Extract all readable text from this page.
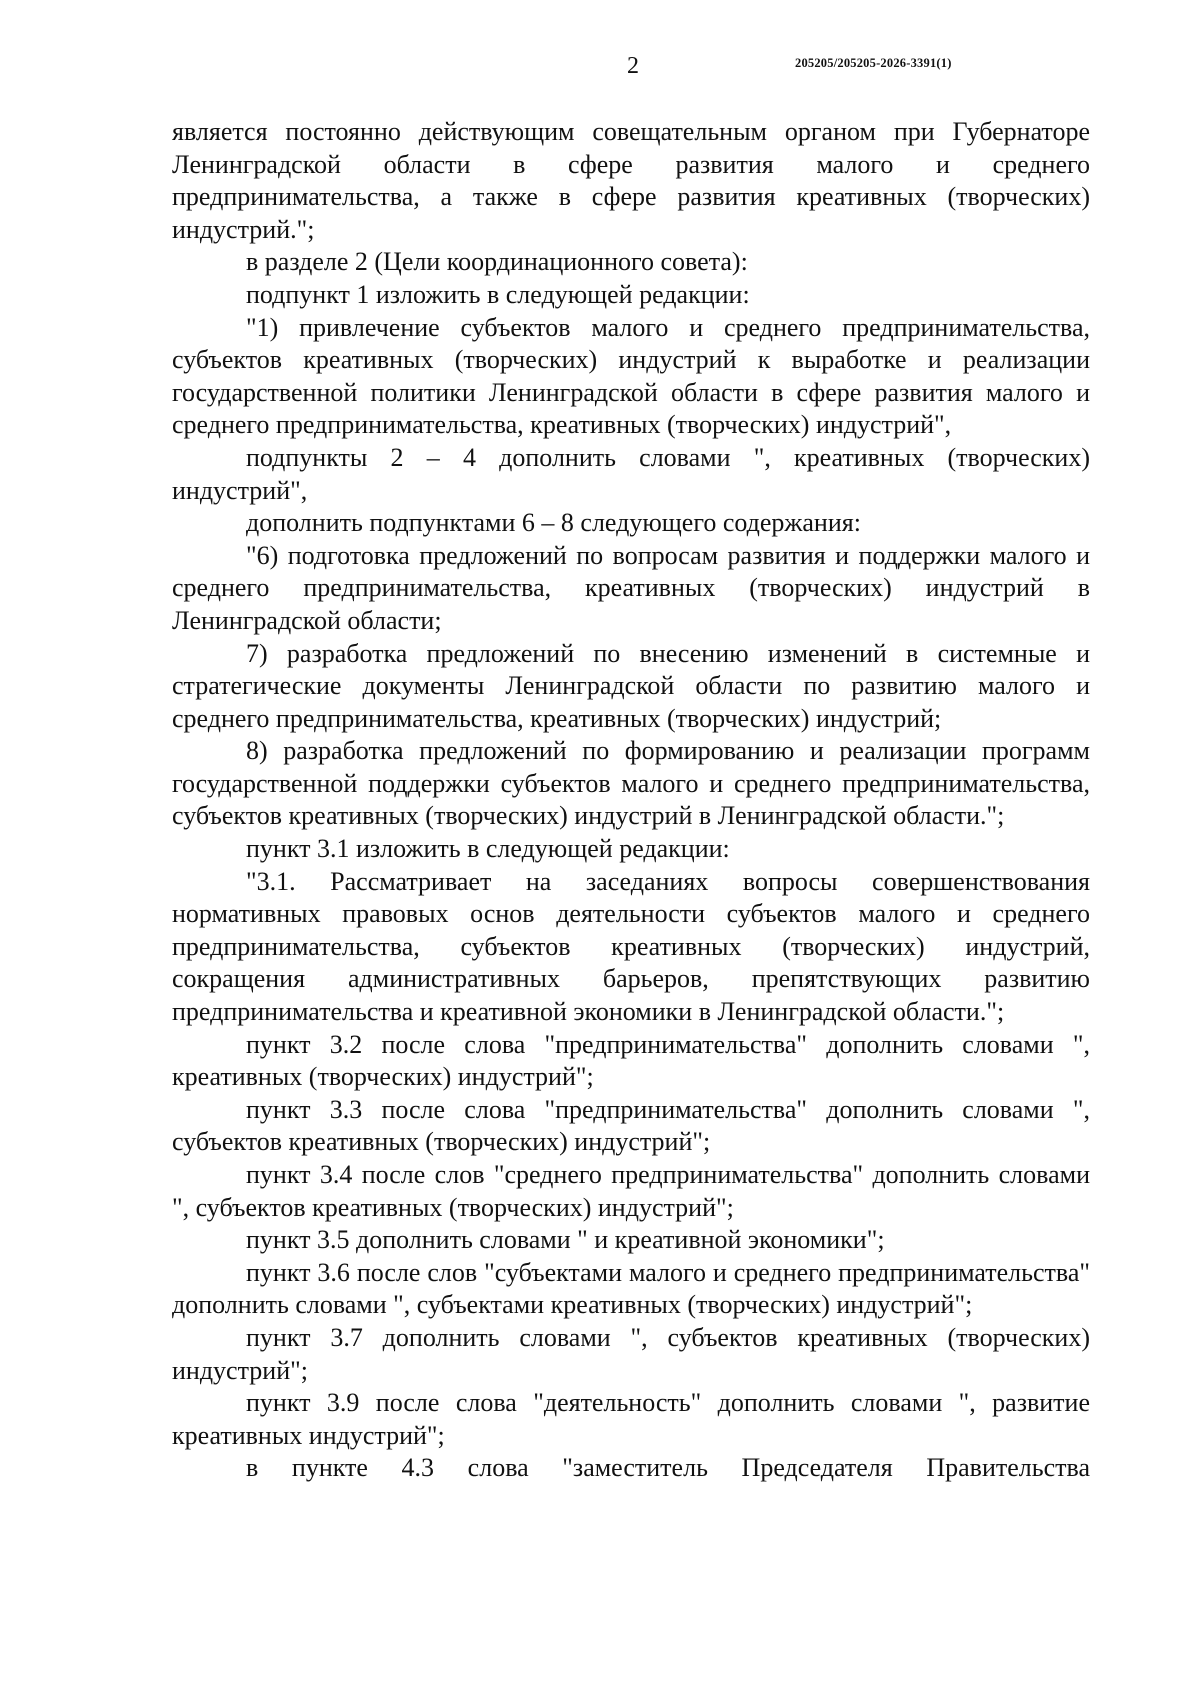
2	205205/205205-2026-3391(1)

является постоянно действующим совещательным органом при Губернаторе Ленинградской области в сфере развития малого и среднего предпринимательства, а также в сфере развития креативных (творческих) индустрий.";

в разделе 2 (Цели координационного совета):

подпункт 1 изложить в следующей редакции:

"1) привлечение субъектов малого и среднего предпринимательства, субъектов креативных (творческих) индустрий к выработке и реализации государственной политики Ленинградской области в сфере развития малого и среднего предпринимательства, креативных (творческих) индустрий",

подпункты 2 – 4 дополнить словами ", креативных (творческих) индустрий",

дополнить подпунктами 6 – 8 следующего содержания:

"6) подготовка предложений по вопросам развития и поддержки малого и среднего предпринимательства, креативных (творческих) индустрий в Ленинградской области;

7) разработка предложений по внесению изменений в системные и стратегические документы Ленинградской области по развитию малого и среднего предпринимательства, креативных (творческих) индустрий;

8) разработка предложений по формированию и реализации программ государственной поддержки субъектов малого и среднего предпринимательства, субъектов креативных (творческих) индустрий в Ленинградской области.";

пункт 3.1 изложить в следующей редакции:

"3.1. Рассматривает на заседаниях вопросы совершенствования нормативных правовых основ деятельности субъектов малого и среднего предпринимательства, субъектов креативных (творческих) индустрий, сокращения административных барьеров, препятствующих развитию предпринимательства и креативной экономики в Ленинградской области.";

пункт 3.2 после слова "предпринимательства" дополнить словами ", креативных (творческих) индустрий";

пункт 3.3 после слова "предпринимательства" дополнить словами ", субъектов креативных (творческих) индустрий";

пункт 3.4 после слов "среднего предпринимательства" дополнить словами ", субъектов креативных (творческих) индустрий";

пункт 3.5 дополнить словами " и креативной экономики";

пункт 3.6 после слов "субъектами малого и среднего предпринимательства" дополнить словами ", субъектами креативных (творческих) индустрий";

пункт 3.7 дополнить словами ", субъектов креативных (творческих) индустрий";

пункт 3.9 после слова "деятельность" дополнить словами ", развитие креативных индустрий";

в пункте 4.3 слова "заместитель Председателя Правительства
